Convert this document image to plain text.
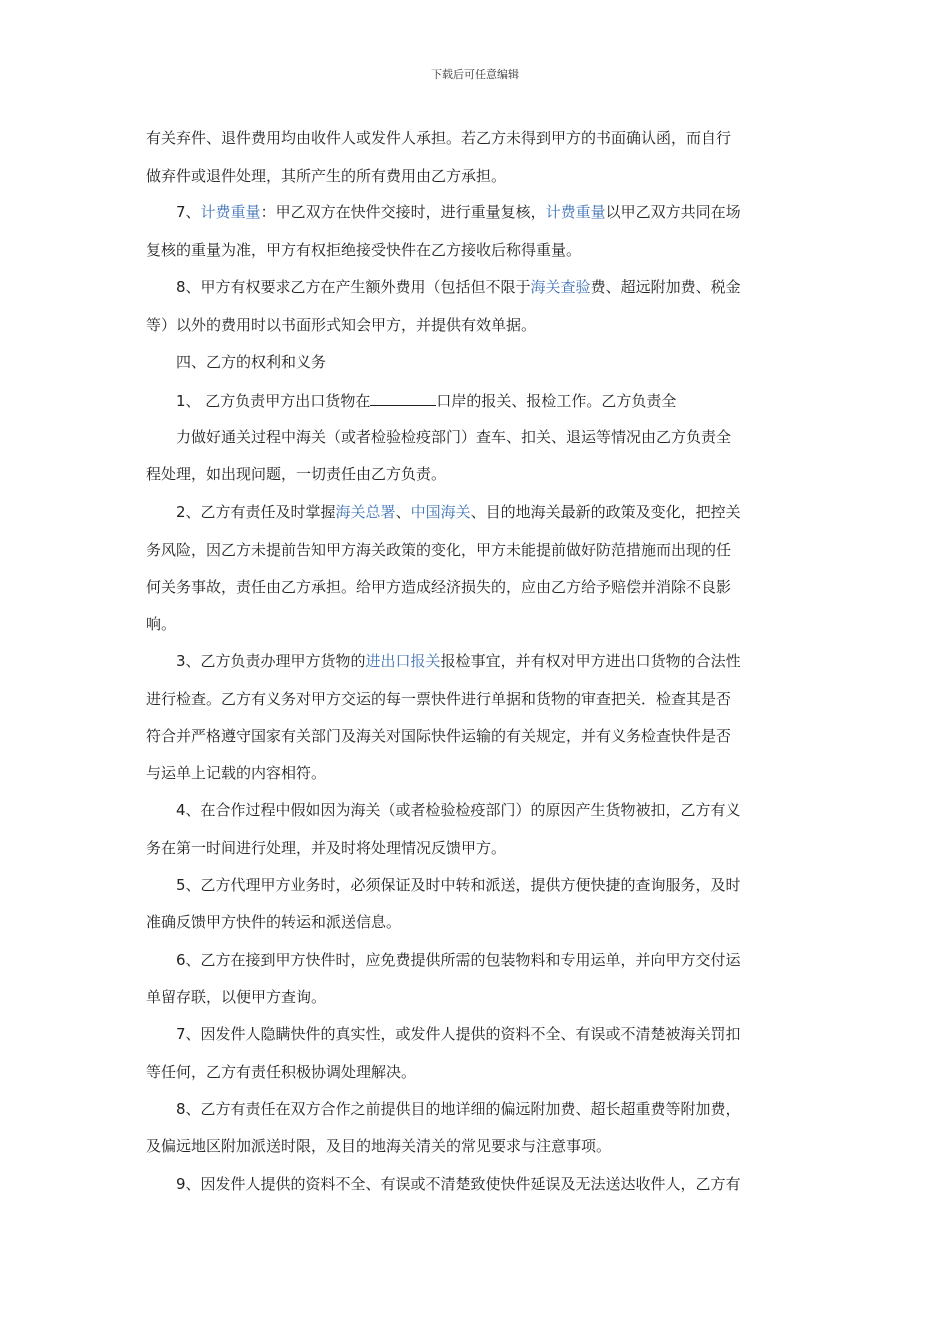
下载后可任意编辑
有关弃件、退件费用均由收件人或发件人承担。若乙方未得到甲方的书面确认函，而自行
做弃件或退件处理，其所产生的所有费用由乙方承担。
7、计费重量：甲乙双方在快件交接时，进行重量复核，计费重量以甲乙双方共同在场
复核的重量为准，甲方有权拒绝接受快件在乙方接收后称得重量。
8、甲方有权要求乙方在产生额外费用（包括但不限于海关查验费、超远附加费、税金
等）以外的费用时以书面形式知会甲方，并提供有效单据。
四、乙方的权利和义务
1、 乙方负责甲方出口货物在	口岸的报关、报检工作。乙方负责全
力做好通关过程中海关（或者检验检疫部门）查车、扣关、退运等情况由乙方负责全
程处理，如出现问题，一切责任由乙方负责。
2、乙方有责任及时掌握海关总署、中国海关、目的地海关最新的政策及变化，把控关
务风险，因乙方未提前告知甲方海关政策的变化，甲方未能提前做好防范措施而出现的任
何关务事故，责任由乙方承担。给甲方造成经济损失的，应由乙方给予赔偿并消除不良影
响。
3、乙方负责办理甲方货物的进出口报关报检事宜，并有权对甲方进出口货物的合法性
进行检查。乙方有义务对甲方交运的每一票快件进行单据和货物的审查把关．检查其是否
符合并严格遵守国家有关部门及海关对国际快件运输的有关规定，并有义务检查快件是否
与运单上记载的内容相符。
4、在合作过程中假如因为海关（或者检验检疫部门）的原因产生货物被扣，乙方有义
务在第一时间进行处理，并及时将处理情况反馈甲方。
5、乙方代理甲方业务时，必须保证及时中转和派送，提供方便快捷的查询服务，及时
准确反馈甲方快件的转运和派送信息。
6、乙方在接到甲方快件时，应免费提供所需的包装物料和专用运单，并向甲方交付运
单留存联，以便甲方查询。
7、因发件人隐瞒快件的真实性，或发件人提供的资料不全、有误或不清楚被海关罚扣
等任何，乙方有责任积极协调处理解决。
8、乙方有责任在双方合作之前提供目的地详细的偏远附加费、超长超重费等附加费，
及偏远地区附加派送时限，及目的地海关清关的常见要求与注意事项。
9、因发件人提供的资料不全、有误或不清楚致使快件延误及无法送达收件人，乙方有
